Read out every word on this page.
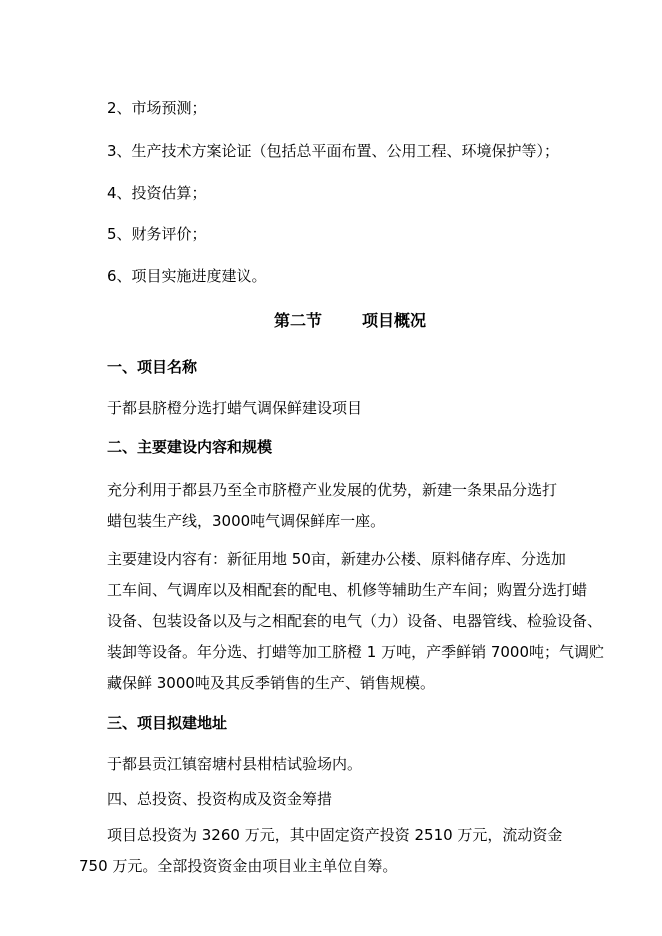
2、市场预测；
3、生产技术方案论证（包括总平面布置、公用工程、环境保护等）；
4、投资估算；
5、财务评价；
6、项目实施进度建议。
第二节	项目概况
一、项目名称
于都县脐橙分选打蜡气调保鲜建设项目
二、主要建设内容和规模
充分利用于都县乃至全市脐橙产业发展的优势，新建一条果品分选打
蜡包装生产线，3000吨气调保鲜库一座。
主要建设内容有：新征用地 50亩，新建办公楼、原料储存库、分选加
工车间、气调库以及相配套的配电、机修等辅助生产车间；购置分选打蜡
设备、包装设备以及与之相配套的电气（力）设备、电器管线、检验设备、
装卸等设备。年分选、打蜡等加工脐橙 1 万吨，产季鲜销 7000吨；气调贮
藏保鲜 3000吨及其反季销售的生产、销售规模。
三、项目拟建地址
于都县贡江镇窑塘村县柑桔试验场内。
四、总投资、投资构成及资金筹措
项目总投资为 3260 万元，其中固定资产投资 2510 万元，流动资金
750 万元。全部投资资金由项目业主单位自筹。
